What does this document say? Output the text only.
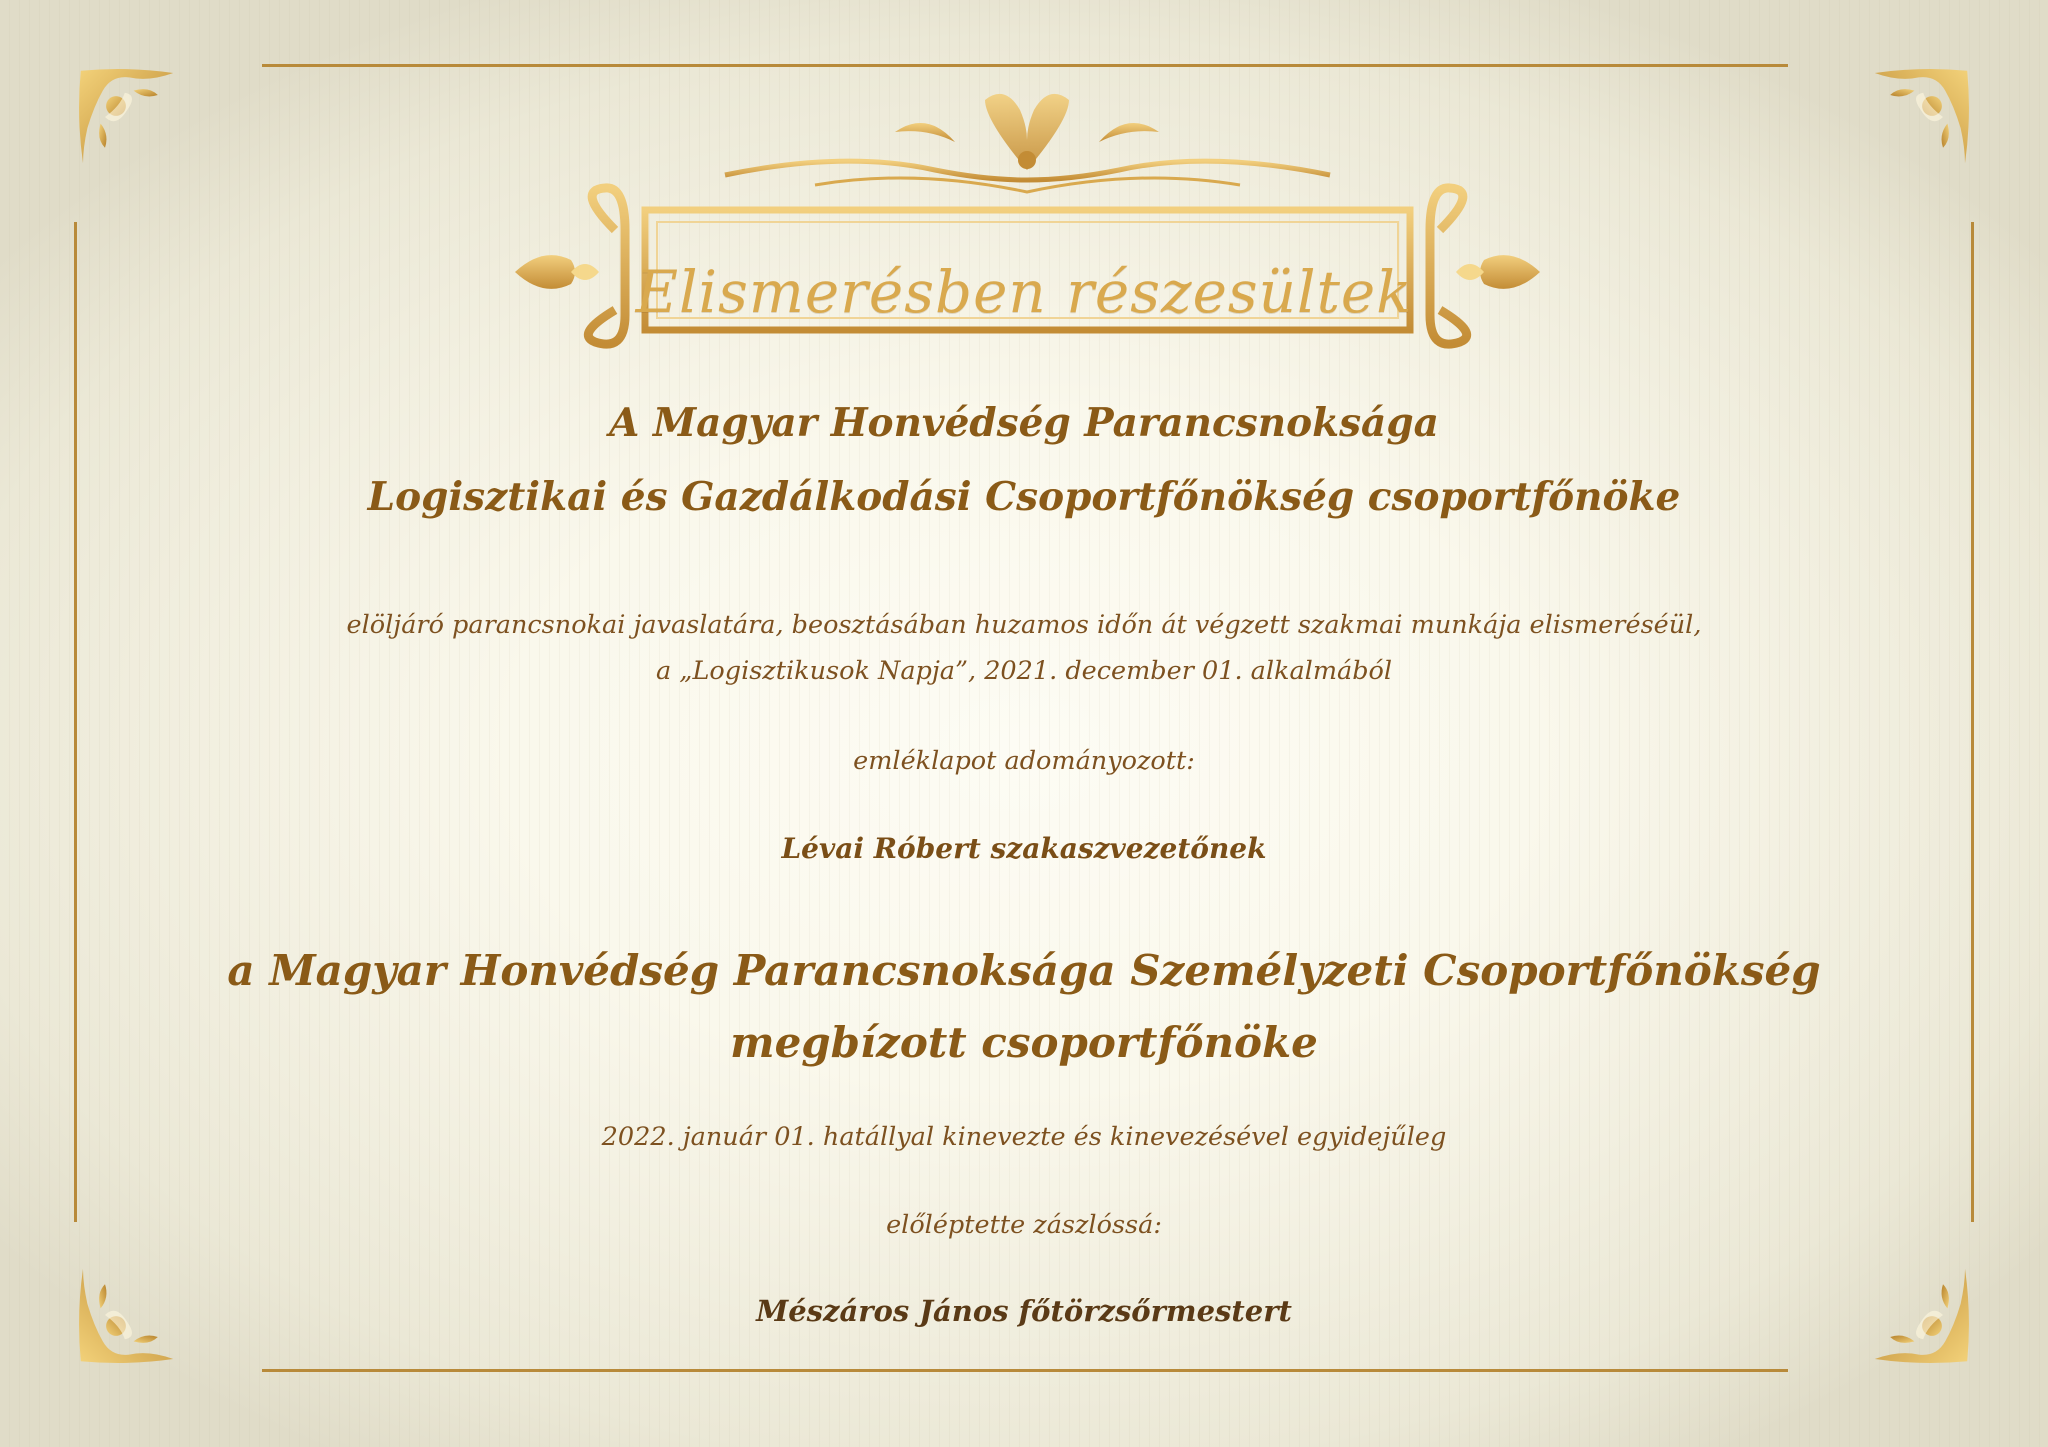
Elismerésben részesültek
A Magyar Honvédség Parancsnoksága
Logisztikai és Gazdálkodási Csoportfőnökség csoportfőnöke
elöljáró parancsnokai javaslatára, beosztásában huzamos időn át végzett szakmai munkája elismeréséül,
a „Logisztikusok Napja”, 2021. december 01. alkalmából
emléklapot adományozott:
Lévai Róbert szakaszvezetőnek
a Magyar Honvédség Parancsnoksága Személyzeti Csoportfőnökség
megbízott csoportfőnöke
2022. január 01. hatállyal kinevezte és kinevezésével egyidejűleg
előléptette zászlóssá:
Mészáros János főtörzsőrmestert
